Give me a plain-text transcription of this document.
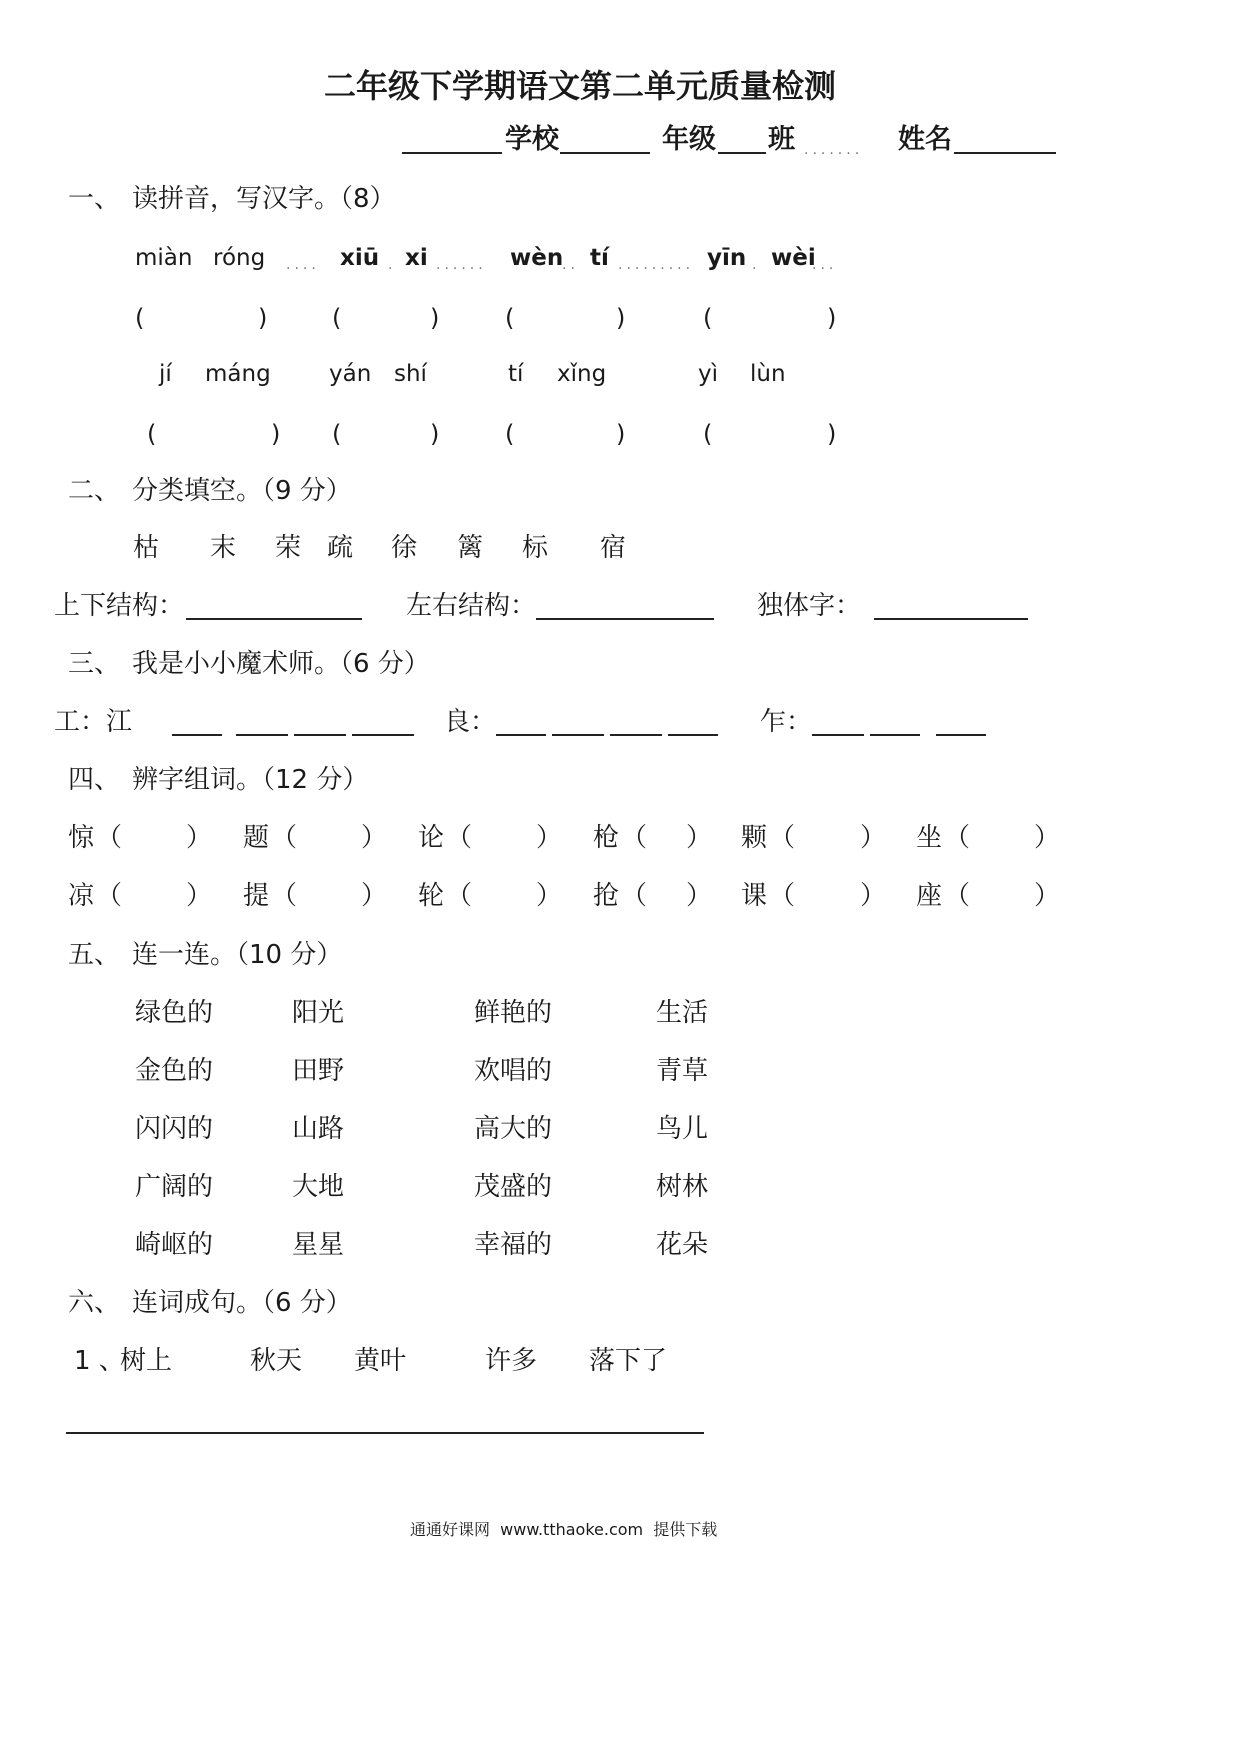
二年级下学期语文第二单元质量检测
学校	年级 班 ....... 姓名
一、 读拼音，写汉字。（8）
miàn róng .... xiū . xi ...... wèn
.. tí ......... yīn . wèi
...
(	)	(	)	(	)	(	)
jí máng	yán shí	tí xǐng	yì lùn
(	) (	)	(	)	(	)
二、 分类填空。（9 分）
枯 末 荣 疏 徐 篱 标 宿
上下结构：	左右结构：	独体字：
三、 我是小小魔术师。（6 分）
工：江	良：	乍：
四、 辨字组词。（12 分）
惊 （ ） 题 （ ） 论 （ ） 枪 （ ） 颗 （ ） 坐 （ ）
凉 （ ） 提 （ ） 轮 （ ） 抢 （ ） 课 （ ） 座 （ ）
五、 连一连。（10 分）
绿色的	阳光	鲜艳的	生活
金色的	田野	欢唱的	青草
闪闪的	山路	高大的	鸟儿
广阔的	大地	茂盛的	树林
崎岖的	星星	幸福的	花朵
六、 连词成句。（6 分）
1 、
树上	秋天 黄叶	许多 落下了
通通好课网  www.tthaoke.com  提供下载
